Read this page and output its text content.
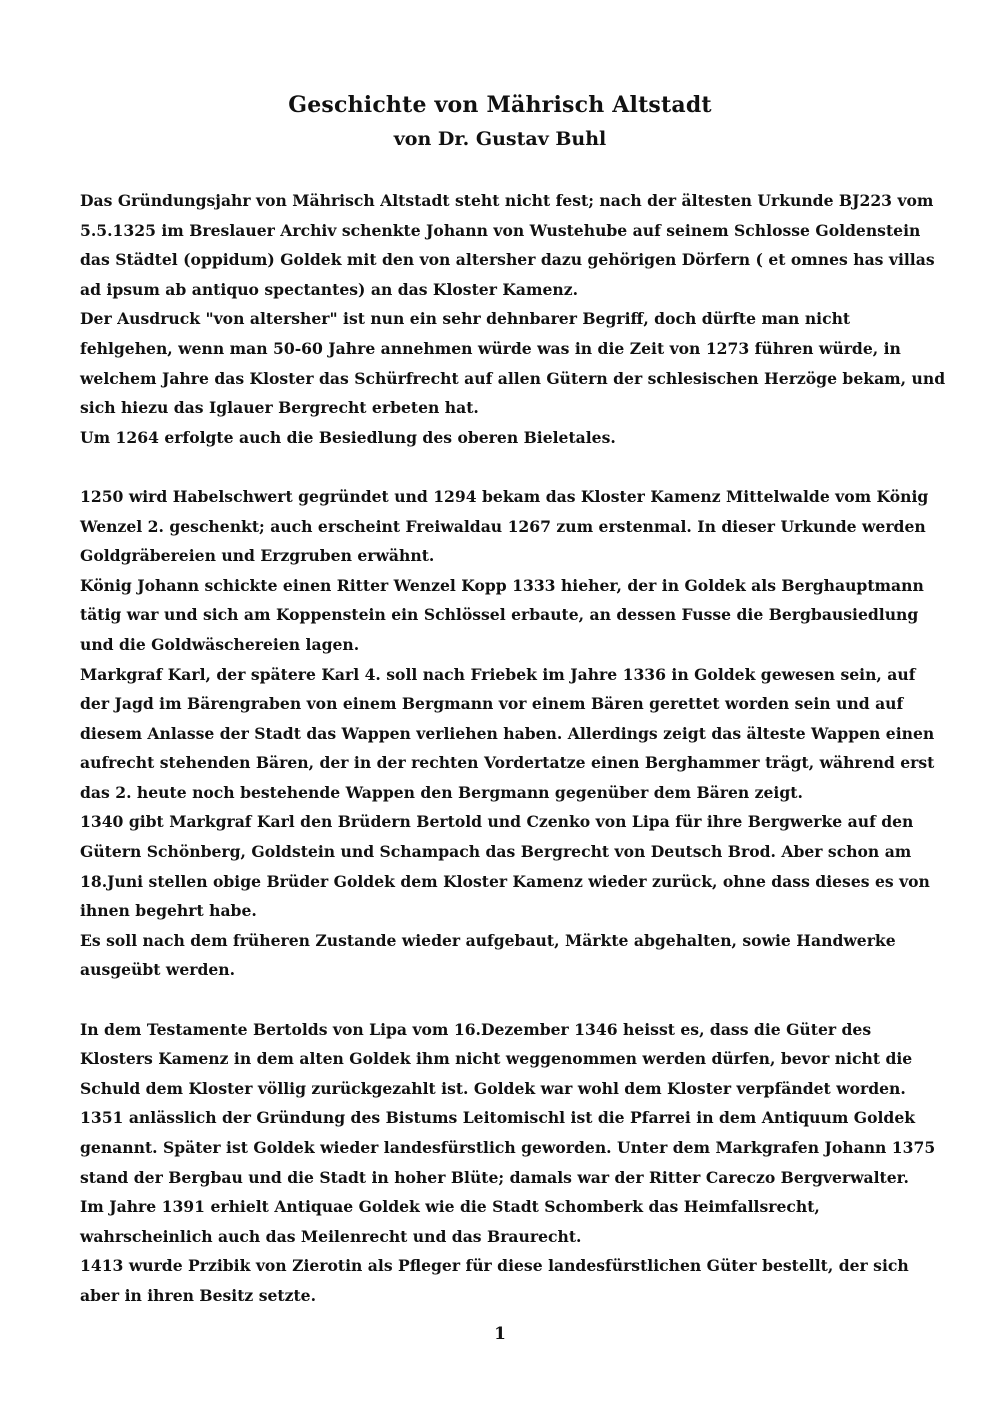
Geschichte von Mährisch Altstadt
von Dr. Gustav Buhl

Das Gründungsjahr von Mährisch Altstadt steht nicht fest; nach der ältesten Urkunde BJ223 vom 5.5.1325 im Breslauer Archiv schenkte Johann von Wustehube auf seinem Schlosse Goldenstein das Städtel (oppidum) Goldek mit den von altersher dazu gehörigen Dörfern ( et omnes has villas ad ipsum ab antiquo spectantes) an das Kloster Kamenz.

Der Ausdruck "von altersher" ist nun ein sehr dehnbarer Begriff, doch dürfte man nicht fehlgehen, wenn man 50-60 Jahre annehmen würde was in die Zeit von 1273 führen würde, in welchem Jahre das Kloster das Schürfrecht auf allen Gütern der schlesischen Herzöge bekam, und sich hiezu das Iglauer Bergrecht erbeten hat.

Um 1264 erfolgte auch die Besiedlung des oberen Bieletales.

1250 wird Habelschwert gegründet und 1294 bekam das Kloster Kamenz Mittelwalde vom König Wenzel 2. geschenkt; auch erscheint Freiwaldau 1267 zum erstenmal. In dieser Urkunde werden Goldgräbereien und Erzgruben erwähnt.

König Johann schickte einen Ritter Wenzel Kopp 1333 hieher, der in Goldek als Berghauptmann tätig war und sich am Koppenstein ein Schlössel erbaute, an dessen Fusse die Bergbausiedlung und die Goldwäschereien lagen.

Markgraf Karl, der spätere Karl 4. soll nach Friebek im Jahre 1336 in Goldek gewesen sein, auf der Jagd im Bärengraben von einem Bergmann vor einem Bären gerettet worden sein und auf diesem Anlasse der Stadt das Wappen verliehen haben. Allerdings zeigt das älteste Wappen einen aufrecht stehenden Bären, der in der rechten Vordertatze einen Berghammer trägt, während erst das 2. heute noch bestehende Wappen den Bergmann gegenüber dem Bären zeigt.

1340 gibt Markgraf Karl den Brüdern Bertold und Czenko von Lipa für ihre Bergwerke auf den Gütern Schönberg, Goldstein und Schampach das Bergrecht von Deutsch Brod. Aber schon am 18.Juni stellen obige Brüder Goldek dem Kloster Kamenz wieder zurück, ohne dass dieses es von ihnen begehrt habe.

Es soll nach dem früheren Zustande wieder aufgebaut, Märkte abgehalten, sowie Handwerke ausgeübt werden.

In dem Testamente Bertolds von Lipa vom 16.Dezember 1346 heisst es, dass die Güter des Klosters Kamenz in dem alten Goldek ihm nicht weggenommen werden dürfen, bevor nicht die Schuld dem Kloster völlig zurückgezahlt ist. Goldek war wohl dem Kloster verpfändet worden.

1351 anlässlich der Gründung des Bistums Leitomischl ist die Pfarrei in dem Antiquum Goldek genannt. Später ist Goldek wieder landesfürstlich geworden. Unter dem Markgrafen Johann 1375 stand der Bergbau und die Stadt in hoher Blüte; damals war der Ritter Careczo Bergverwalter.

Im Jahre 1391 erhielt Antiquae Goldek wie die Stadt Schomberk das Heimfallsrecht, wahrscheinlich auch das Meilenrecht und das Braurecht.

1413 wurde Przibik von Zierotin als Pfleger für diese landesfürstlichen Güter bestellt, der sich aber in ihren Besitz setzte.

1
